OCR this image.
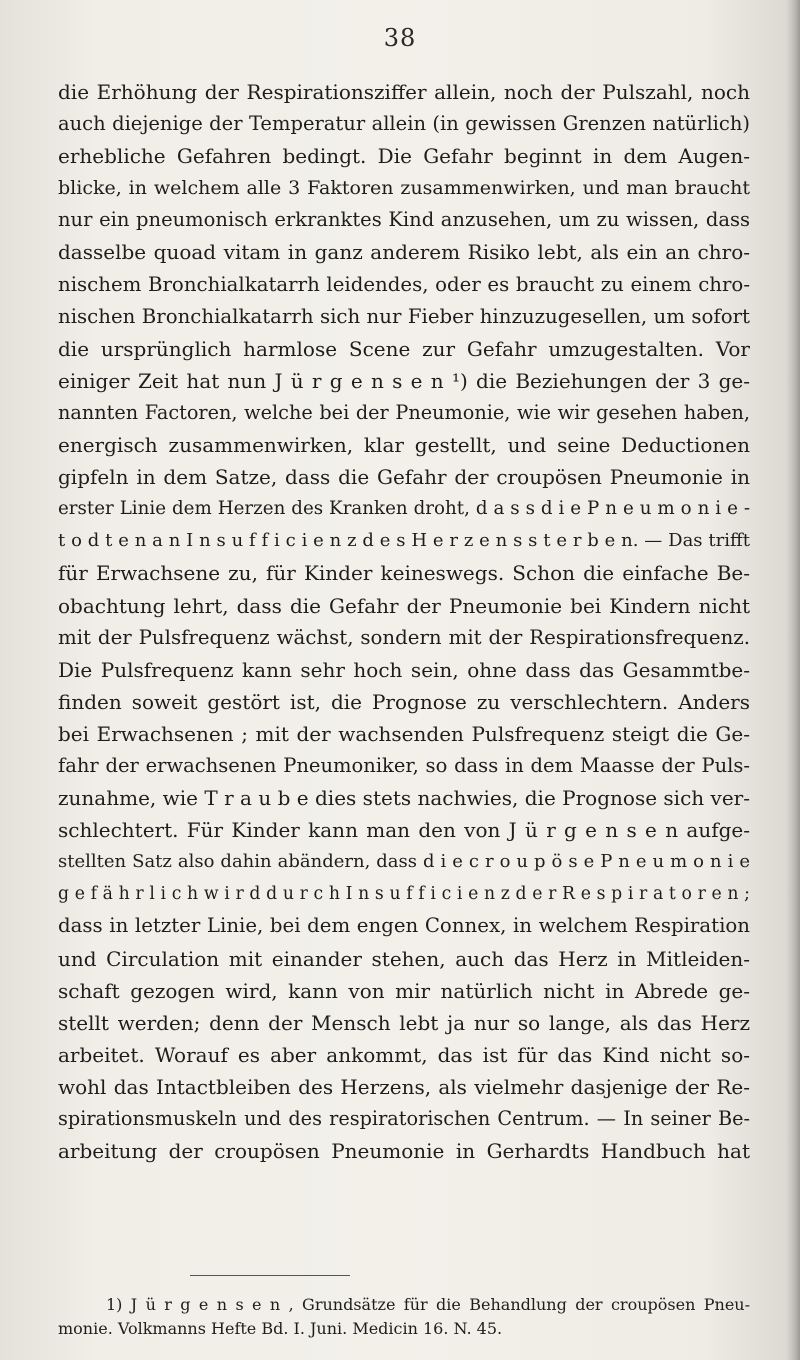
38
die Erhöhung der Respirationsziffer allein, noch der Pulszahl, noch
auch diejenige der Temperatur allein (in gewissen Grenzen natürlich)
erhebliche Gefahren bedingt. Die Gefahr beginnt in dem Augen-
blicke, in welchem alle 3 Faktoren zusammenwirken, und man braucht
nur ein pneumonisch erkranktes Kind anzusehen, um zu wissen, dass
dasselbe quoad vitam in ganz anderem Risiko lebt, als ein an chro-
nischem Bronchialkatarrh leidendes, oder es braucht zu einem chro-
nischen Bronchialkatarrh sich nur Fieber hinzuzugesellen, um sofort
die ursprünglich harmlose Scene zur Gefahr umzugestalten. Vor
einiger Zeit hat nun J ü r g e n s e n ¹) die Beziehungen der 3 ge-
nannten Factoren, welche bei der Pneumonie, wie wir gesehen haben,
energisch zusammenwirken, klar gestellt, und seine Deductionen
gipfeln in dem Satze, dass die Gefahr der croupösen Pneumonie in
erster Linie dem Herzen des Kranken droht, d a s s d i e P n e u m o n i e -
t o d t e n a n I n s u f f i c i e n z d e s H e r z e n s s t e r b e n. — Das trifft
für Erwachsene zu, für Kinder keineswegs. Schon die einfache Be-
obachtung lehrt, dass die Gefahr der Pneumonie bei Kindern nicht
mit der Pulsfrequenz wächst, sondern mit der Respirationsfrequenz.
Die Pulsfrequenz kann sehr hoch sein, ohne dass das Gesammtbe-
finden soweit gestört ist, die Prognose zu verschlechtern. Anders
bei Erwachsenen ; mit der wachsenden Pulsfrequenz steigt die Ge-
fahr der erwachsenen Pneumoniker, so dass in dem Maasse der Puls-
zunahme, wie T r a u b e dies stets nachwies, die Prognose sich ver-
schlechtert. Für Kinder kann man den von J ü r g e n s e n aufge-
stellten Satz also dahin abändern, dass d i e c r o u p ö s e P n e u m o n i e
g e f ä h r l i c h w i r d d u r c h I n s u f f i c i e n z d e r R e s p i r a t o r e n ;
dass in letzter Linie, bei dem engen Connex, in welchem Respiration
und Circulation mit einander stehen, auch das Herz in Mitleiden-
schaft gezogen wird, kann von mir natürlich nicht in Abrede ge-
stellt werden; denn der Mensch lebt ja nur so lange, als das Herz
arbeitet. Worauf es aber ankommt, das ist für das Kind nicht so-
wohl das Intactbleiben des Herzens, als vielmehr dasjenige der Re-
spirationsmuskeln und des respiratorischen Centrum. — In seiner Be-
arbeitung der croupösen Pneumonie in Gerhardts Handbuch hat
1) J ü r g e n s e n , Grundsätze für die Behandlung der croupösen Pneu-
monie. Volkmanns Hefte Bd. I. Juni. Medicin 16. N. 45.
